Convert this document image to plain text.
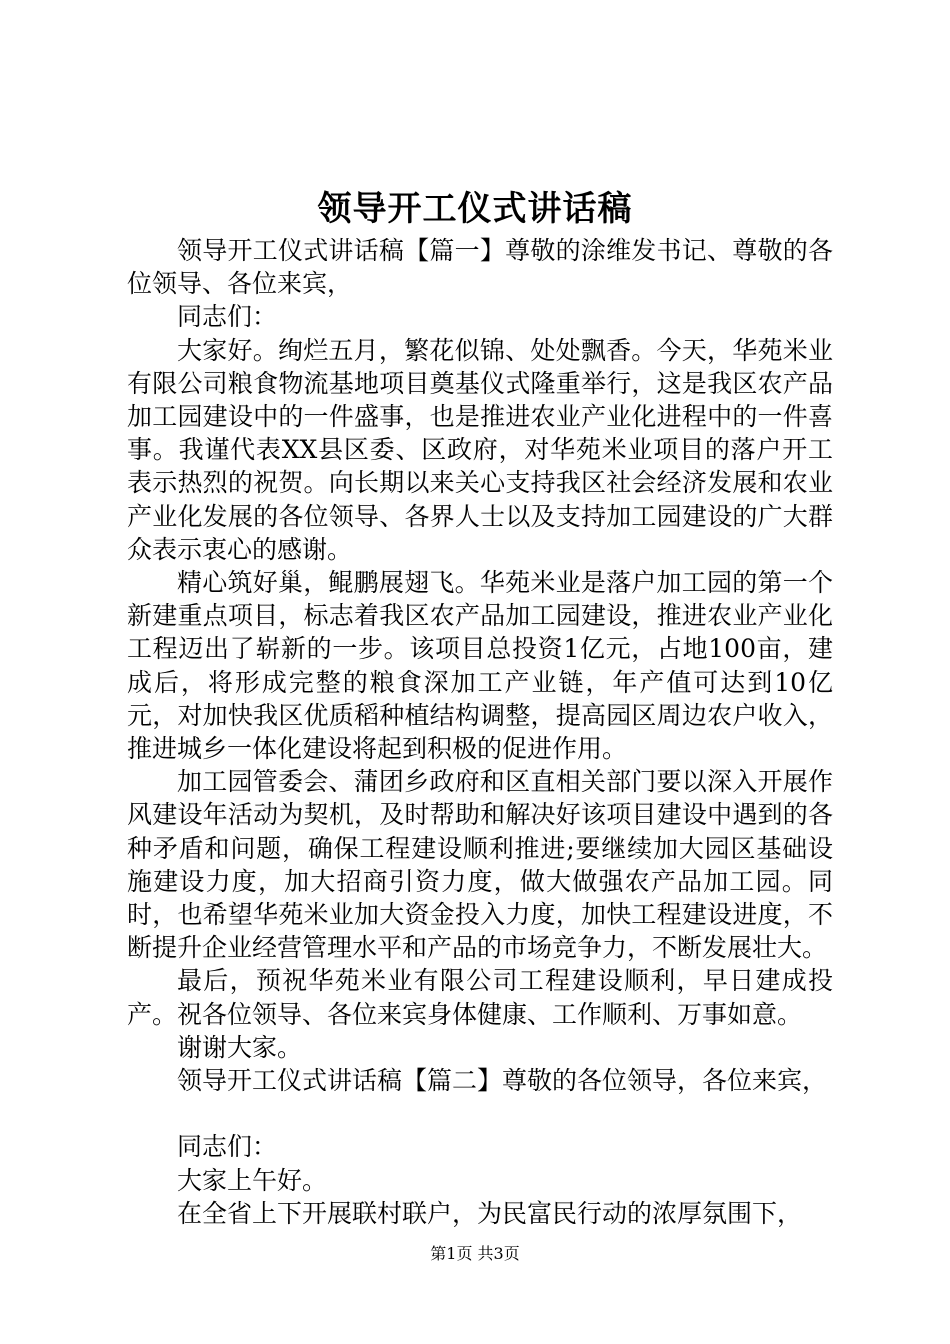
领导开工仪式讲话稿

领导开工仪式讲话稿【篇一】尊敬的涂维发书记、尊敬的各位领导、各位来宾，

同志们：

大家好。绚烂五月，繁花似锦、处处飘香。今天，华苑米业有限公司粮食物流基地项目奠基仪式隆重举行，这是我区农产品加工园建设中的一件盛事，也是推进农业产业化进程中的一件喜事。我谨代表XX县区委、区政府，对华苑米业项目的落户开工表示热烈的祝贺。向长期以来关心支持我区社会经济发展和农业产业化发展的各位领导、各界人士以及支持加工园建设的广大群众表示衷心的感谢。

精心筑好巢，鲲鹏展翅飞。华苑米业是落户加工园的第一个新建重点项目，标志着我区农产品加工园建设，推进农业产业化工程迈出了崭新的一步。该项目总投资1亿元，占地100亩，建成后，将形成完整的粮食深加工产业链，年产值可达到10亿元，对加快我区优质稻种植结构调整，提高园区周边农户收入，推进城乡一体化建设将起到积极的促进作用。

加工园管委会、蒲团乡政府和区直相关部门要以深入开展作风建设年活动为契机，及时帮助和解决好该项目建设中遇到的各种矛盾和问题，确保工程建设顺利推进;要继续加大园区基础设施建设力度，加大招商引资力度，做大做强农产品加工园。同时，也希望华苑米业加大资金投入力度，加快工程建设进度，不断提升企业经营管理水平和产品的市场竞争力，不断发展壮大。

最后，预祝华苑米业有限公司工程建设顺利，早日建成投产。祝各位领导、各位来宾身体健康、工作顺利、万事如意。

谢谢大家。

领导开工仪式讲话稿【篇二】尊敬的各位领导，各位来宾，

同志们：

大家上午好。

在全省上下开展联村联户，为民富民行动的浓厚氛围下，

第1页 共3页
